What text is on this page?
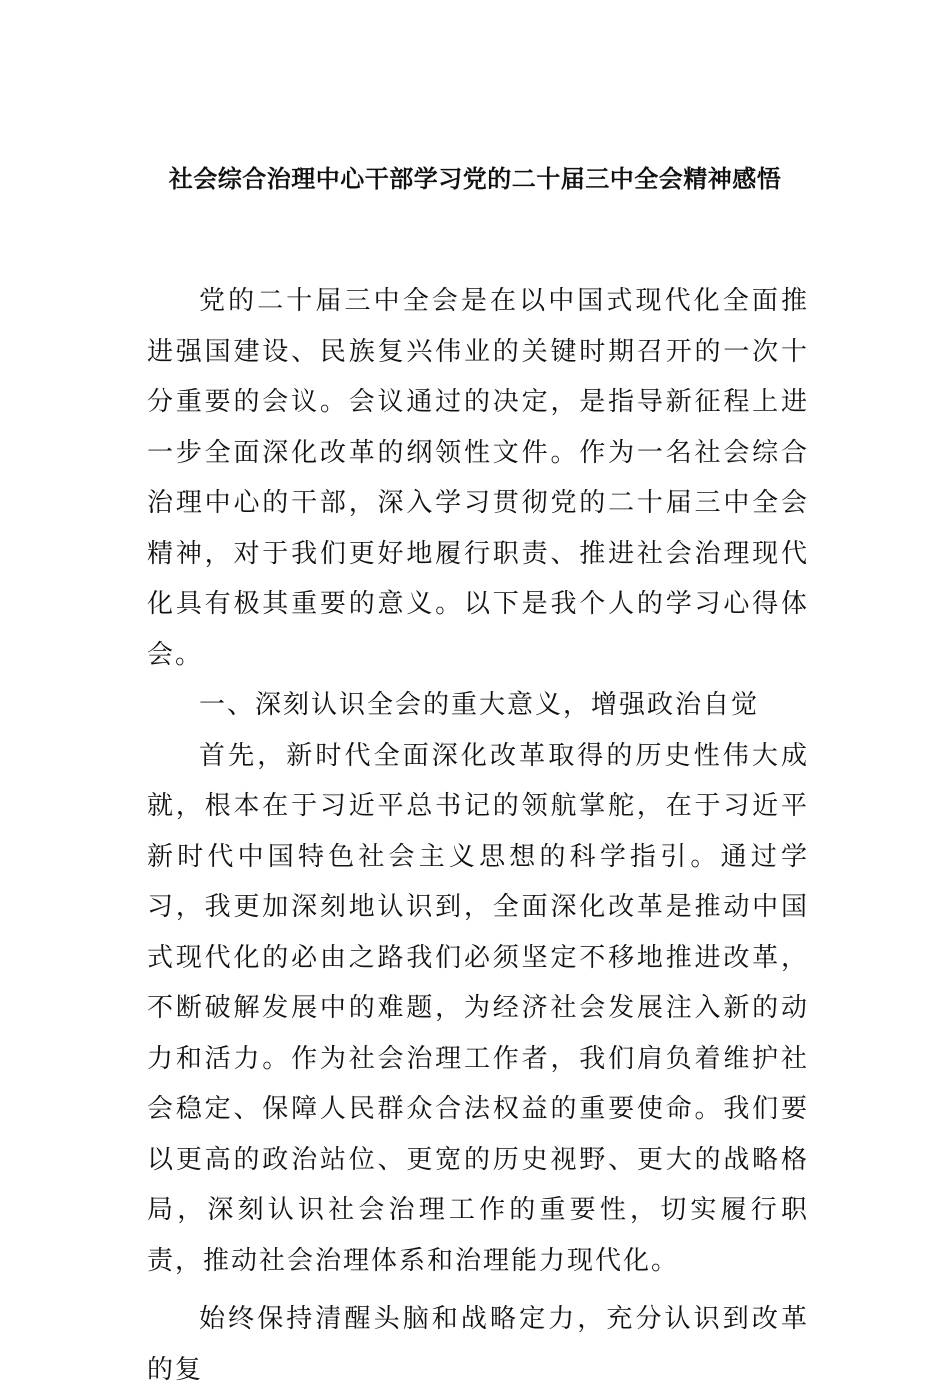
社会综合治理中心干部学习党的二十届三中全会精神感悟

党的二十届三中全会是在以中国式现代化全面推进强国建设、民族复兴伟业的关键时期召开的一次十分重要的会议。会议通过的决定，是指导新征程上进一步全面深化改革的纲领性文件。作为一名社会综合治理中心的干部，深入学习贯彻党的二十届三中全会精神，对于我们更好地履行职责、推进社会治理现代化具有极其重要的意义。以下是我个人的学习心得体会。

一、深刻认识全会的重大意义，增强政治自觉

首先，新时代全面深化改革取得的历史性伟大成就，根本在于习近平总书记的领航掌舵，在于习近平新时代中国特色社会主义思想的科学指引。通过学习，我更加深刻地认识到，全面深化改革是推动中国式现代化的必由之路我们必须坚定不移地推进改革，不断破解发展中的难题，为经济社会发展注入新的动力和活力。作为社会治理工作者，我们肩负着维护社会稳定、保障人民群众合法权益的重要使命。我们要以更高的政治站位、更宽的历史视野、更大的战略格局，深刻认识社会治理工作的重要性，切实履行职责，推动社会治理体系和治理能力现代化。

始终保持清醒头脑和战略定力，充分认识到改革的复
